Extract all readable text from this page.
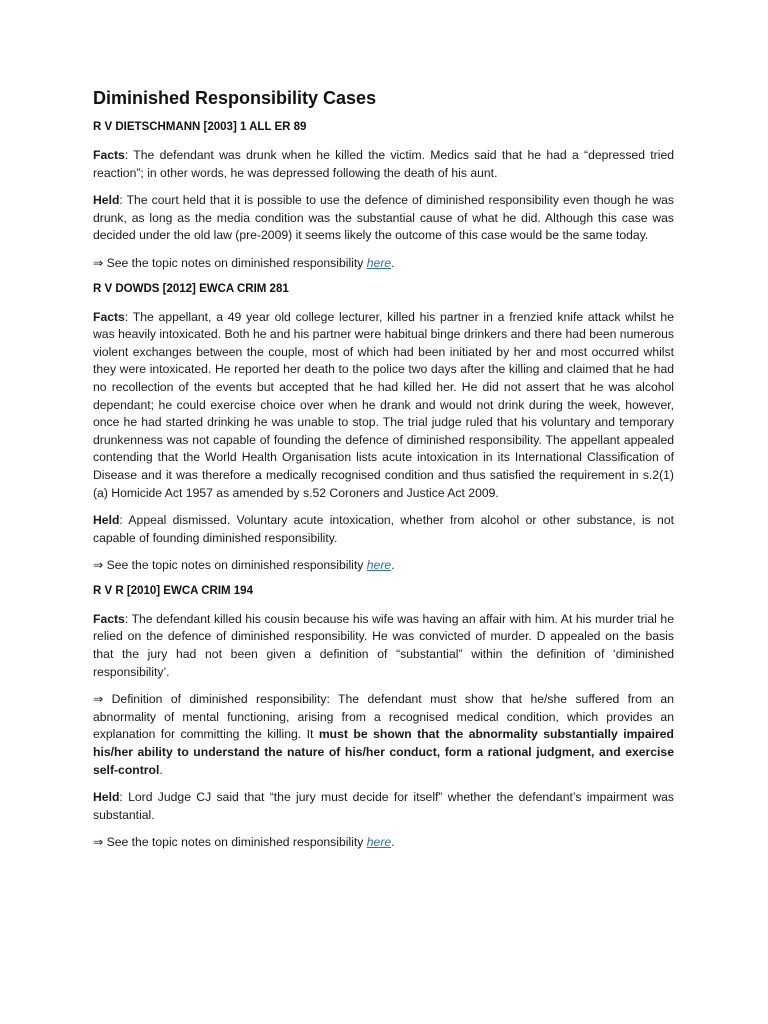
Diminished Responsibility Cases
R V DIETSCHMANN [2003] 1 ALL ER 89

Facts: The defendant was drunk when he killed the victim. Medics said that he had a “depressed tried reaction”; in other words, he was depressed following the death of his aunt.

Held: The court held that it is possible to use the defence of diminished responsibility even though he was drunk, as long as the media condition was the substantial cause of what he did. Although this case was decided under the old law (pre-2009) it seems likely the outcome of this case would be the same today.

⇒ See the topic notes on diminished responsibility here.

R V DOWDS [2012] EWCA CRIM 281

Facts: The appellant, a 49 year old college lecturer, killed his partner in a frenzied knife attack whilst he was heavily intoxicated. Both he and his partner were habitual binge drinkers and there had been numerous violent exchanges between the couple, most of which had been initiated by her and most occurred whilst they were intoxicated. He reported her death to the police two days after the killing and claimed that he had no recollection of the events but accepted that he had killed her. He did not assert that he was alcohol dependant; he could exercise choice over when he drank and would not drink during the week, however, once he had started drinking he was unable to stop. The trial judge ruled that his voluntary and temporary drunkenness was not capable of founding the defence of diminished responsibility. The appellant appealed contending that the World Health Organisation lists acute intoxication in its International Classification of Disease and it was therefore a medically recognised condition and thus satisfied the requirement in s.2(1)(a) Homicide Act 1957 as amended by s.52 Coroners and Justice Act 2009.

Held: Appeal dismissed. Voluntary acute intoxication, whether from alcohol or other substance, is not capable of founding diminished responsibility.

⇒ See the topic notes on diminished responsibility here.

R V R [2010] EWCA CRIM 194

Facts: The defendant killed his cousin because his wife was having an affair with him. At his murder trial he relied on the defence of diminished responsibility. He was convicted of murder. D appealed on the basis that the jury had not been given a definition of “substantial” within the definition of ‘diminished responsibility’.

⇒ Definition of diminished responsibility: The defendant must show that he/she suffered from an abnormality of mental functioning, arising from a recognised medical condition, which provides an explanation for committing the killing. It must be shown that the abnormality substantially impaired his/her ability to understand the nature of his/her conduct, form a rational judgment, and exercise self-control.

Held: Lord Judge CJ said that “the jury must decide for itself” whether the defendant’s impairment was substantial.

⇒ See the topic notes on diminished responsibility here.
